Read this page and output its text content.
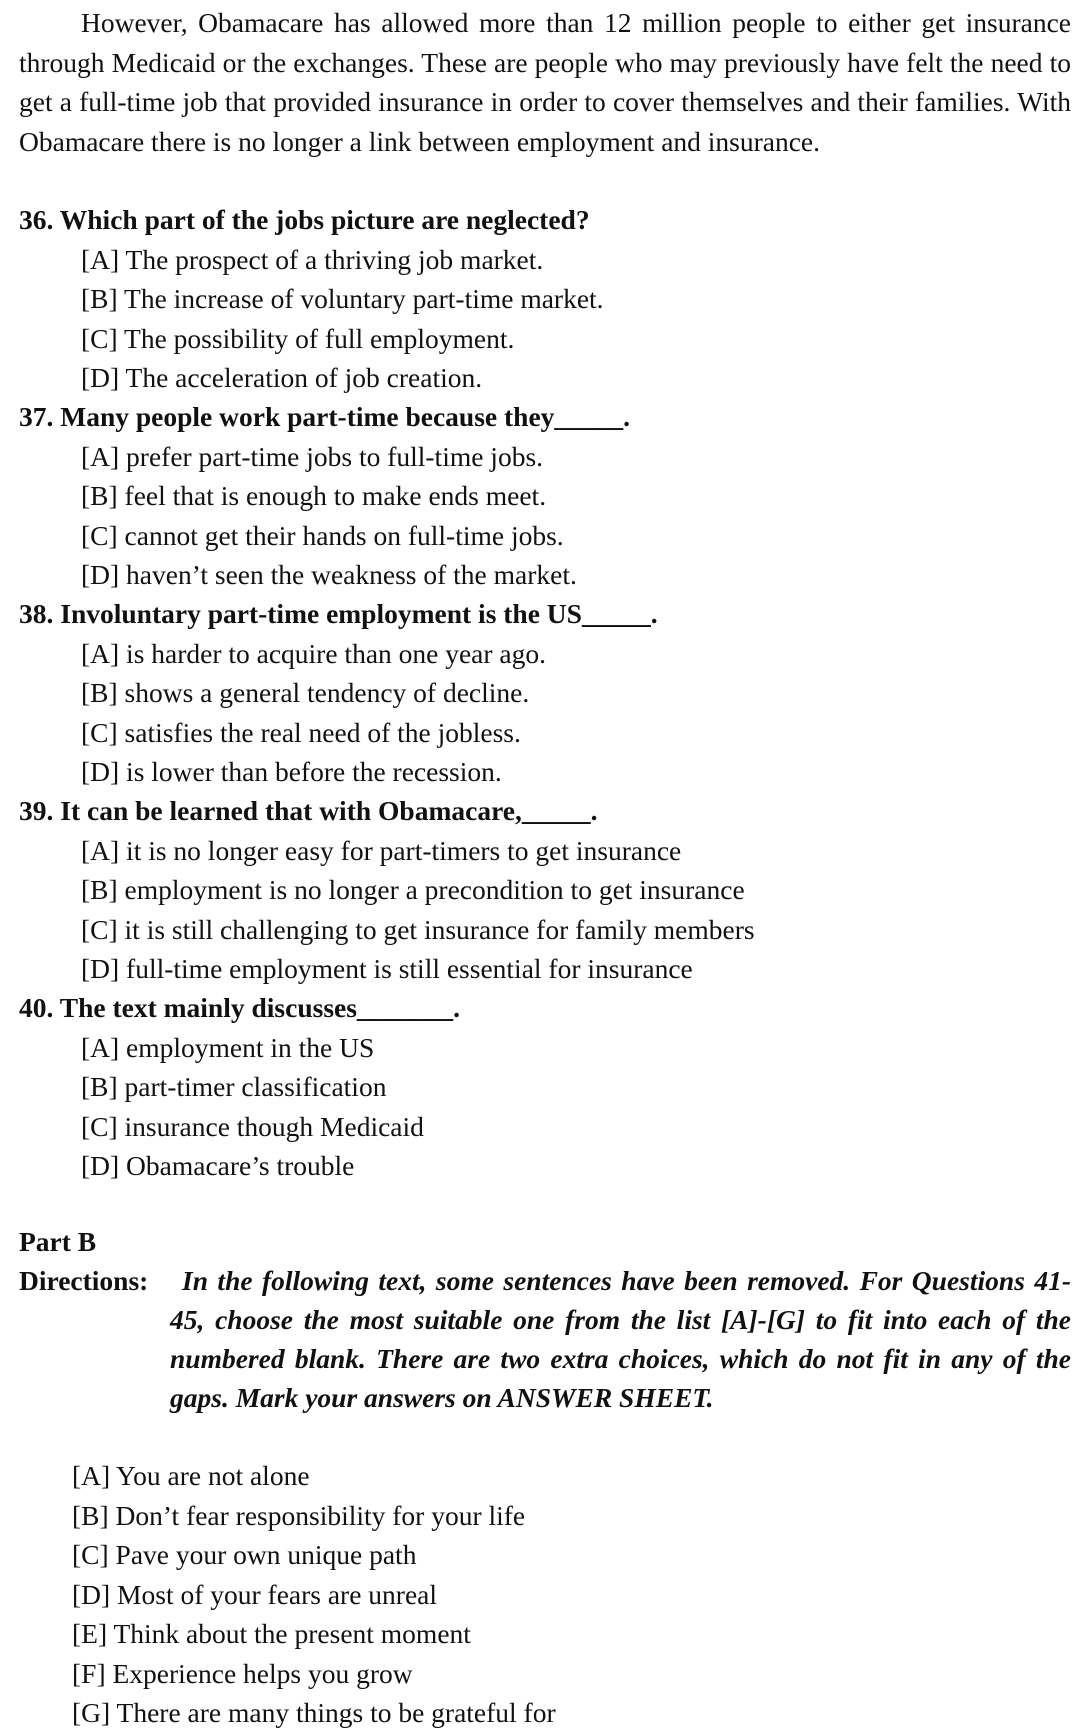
However, Obamacare has allowed more than 12 million people to either get insurance through Medicaid or the exchanges. These are people who may previously have felt the need to get a full-time job that provided insurance in order to cover themselves and their families. With Obamacare there is no longer a link between employment and insurance.

36. Which part of the jobs picture are neglected?
[A] The prospect of a thriving job market.
[B] The increase of voluntary part-time market.
[C] The possibility of full employment.
[D] The acceleration of job creation.
37. Many people work part-time because they_____.
[A] prefer part-time jobs to full-time jobs.
[B] feel that is enough to make ends meet.
[C] cannot get their hands on full-time jobs.
[D] haven’t seen the weakness of the market.
38. Involuntary part-time employment is the US_____.
[A] is harder to acquire than one year ago.
[B] shows a general tendency of decline.
[C] satisfies the real need of the jobless.
[D] is lower than before the recession.
39. It can be learned that with Obamacare,_____.
[A] it is no longer easy for part-timers to get insurance
[B] employment is no longer a precondition to get insurance
[C] it is still challenging to get insurance for family members
[D] full-time employment is still essential for insurance
40. The text mainly discusses_______.
[A] employment in the US
[B] part-timer classification
[C] insurance though Medicaid
[D] Obamacare’s trouble
Part B
Directions:	In the following text, some sentences have been removed. For Questions 41-45, choose the most suitable one from the list [A]-[G] to fit into each of the numbered blank. There are two extra choices, which do not fit in any of the gaps. Mark your answers on ANSWER SHEET.
[A] You are not alone
[B] Don’t fear responsibility for your life
[C] Pave your own unique path
[D] Most of your fears are unreal
[E] Think about the present moment
[F] Experience helps you grow
[G] There are many things to be grateful for
